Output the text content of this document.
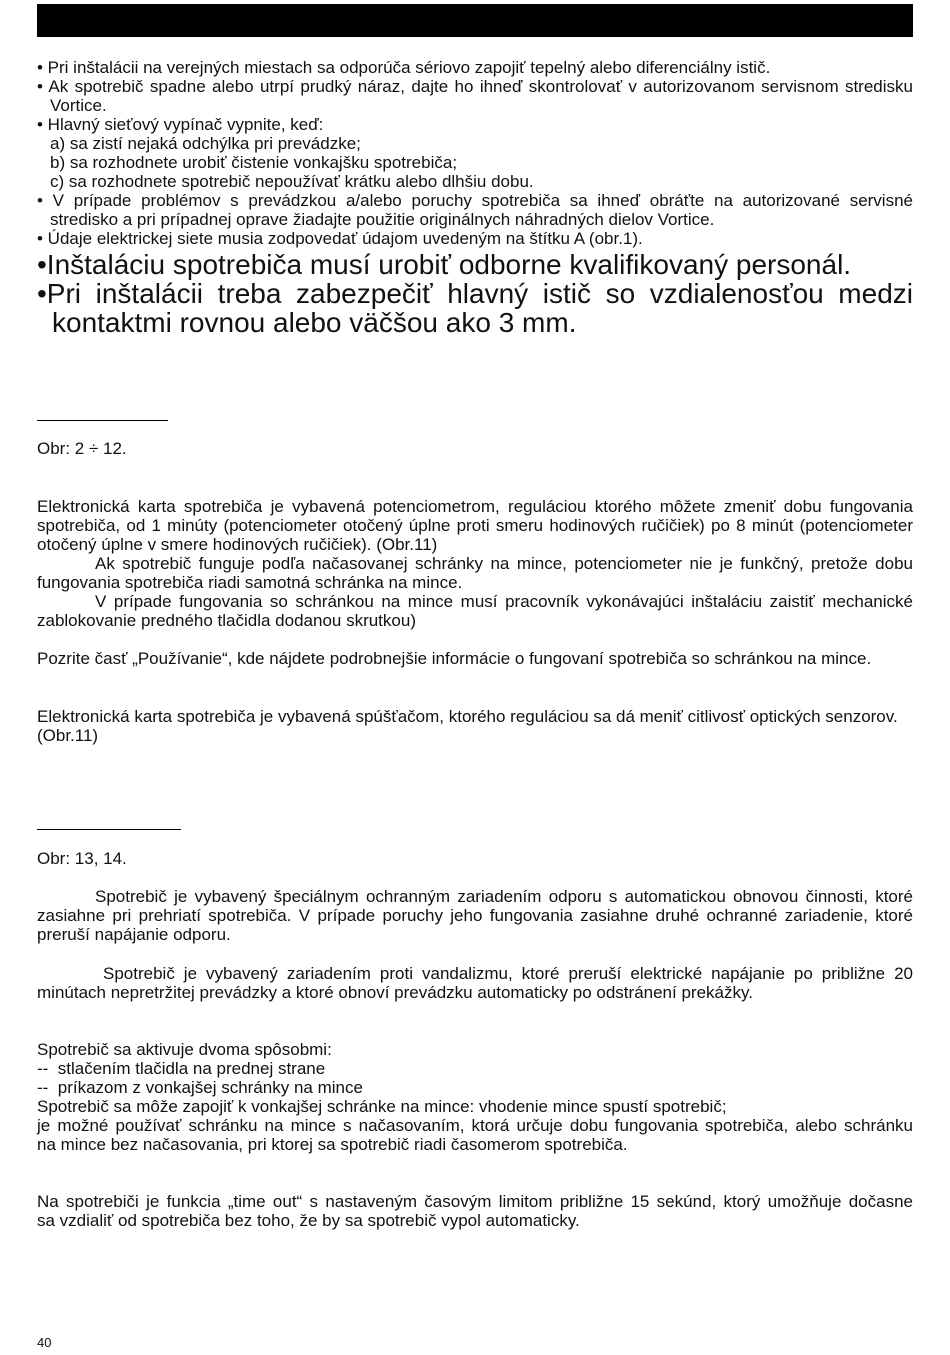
• Pri inštalácii na verejných miestach sa odporúča sériovo zapojiť tepelný alebo diferenciálny istič.
• Ak spotrebič spadne alebo utrpí prudký náraz, dajte ho ihneď skontrolovať v autorizovanom servisnom stredisku
Vortice.
• Hlavný sieťový vypínač vypnite, keď:
a) sa zistí nejaká odchýlka pri prevádzke;
b) sa rozhodnete urobiť čistenie vonkajšku spotrebiča;
c) sa rozhodnete spotrebič nepoužívať krátku alebo dlhšiu dobu.
• V prípade problémov s prevádzkou a/alebo poruchy spotrebiča sa ihneď obráťte na autorizované servisné
stredisko a pri prípadnej oprave žiadajte použitie originálnych náhradných dielov Vortice.
• Údaje elektrickej siete musia zodpovedať údajom uvedeným na štítku A (obr.1).
•Inštaláciu spotrebiča musí urobiť odborne kvalifikovaný personál.
•Pri inštalácii treba zabezpečiť hlavný istič so vzdialenosťou medzi
kontaktmi rovnou alebo väčšou ako 3 mm.
Obr: 2 ÷ 12.
Elektronická karta spotrebiča je vybavená potenciometrom, reguláciou ktorého môžete zmeniť dobu fungovania
spotrebiča, od 1 minúty (potenciometer otočený úplne proti smeru hodinových ručičiek) po 8 minút (potenciometer
otočený úplne v smere hodinových ručičiek). (Obr.11)
Ak spotrebič funguje podľa načasovanej schránky na mince, potenciometer nie je funkčný, pretože dobu
fungovania spotrebiča riadi samotná schránka na mince.
V prípade fungovania so schránkou na mince musí pracovník vykonávajúci inštaláciu zaistiť mechanické
zablokovanie predného tlačidla dodanou skrutkou)
Pozrite časť „Používanie“, kde nájdete podrobnejšie informácie o fungovaní spotrebiča so schránkou na mince.
Elektronická karta spotrebiča je vybavená spúšťačom, ktorého reguláciou sa dá meniť citlivosť optických senzorov.
(Obr.11)
Obr: 13, 14.
Spotrebič je vybavený špeciálnym ochranným zariadením odporu s automatickou obnovou činnosti, ktoré
zasiahne pri prehriatí spotrebiča. V prípade poruchy jeho fungovania zasiahne druhé ochranné zariadenie, ktoré
preruší napájanie odporu.
Spotrebič je vybavený zariadením proti vandalizmu, ktoré preruší elektrické napájanie po približne 20
minútach nepretržitej prevádzky a ktoré obnoví prevádzku automaticky po odstránení prekážky.
Spotrebič sa aktivuje dvoma spôsobmi:
--  stlačením tlačidla na prednej strane
--  príkazom z vonkajšej schránky na mince
Spotrebič sa môže zapojiť k vonkajšej schránke na mince: vhodenie mince spustí spotrebič;
je možné používať schránku na mince s načasovaním, ktorá určuje dobu fungovania spotrebiča, alebo schránku
na mince bez načasovania, pri ktorej sa spotrebič riadi časomerom spotrebiča.
Na spotrebiči je funkcia „time out“ s nastaveným časovým limitom približne 15 sekúnd, ktorý umožňuje dočasne
sa vzdialiť od spotrebiča bez toho, že by sa spotrebič vypol automaticky.
40
